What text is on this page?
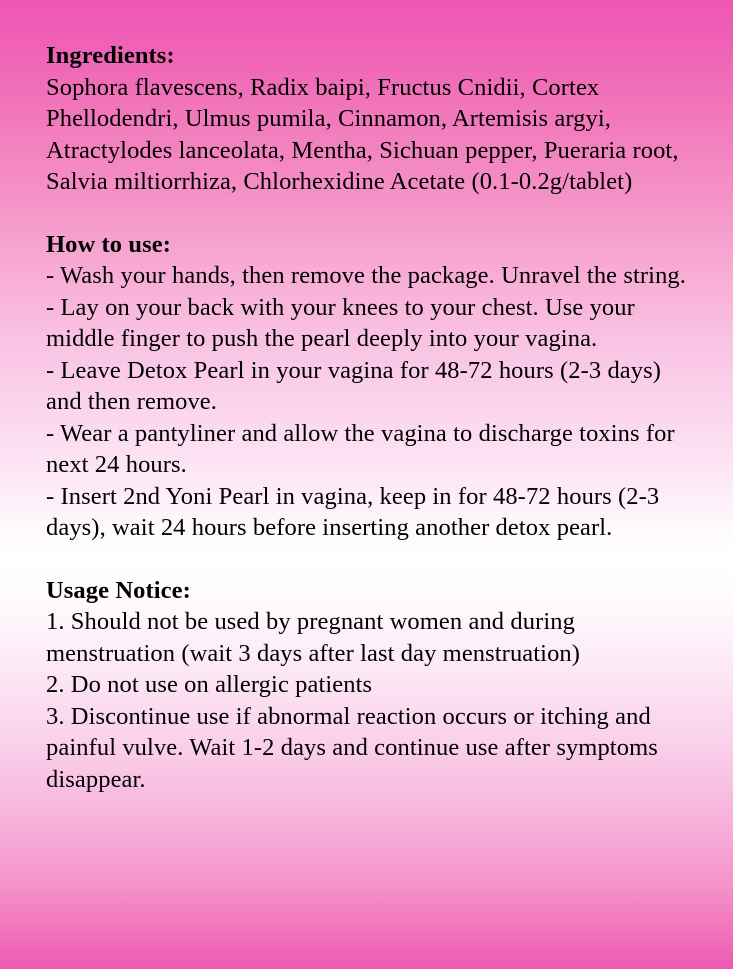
Ingredients:

Sophora flavescens, Radix baipi, Fructus Cnidii, Cortex Phellodendri, Ulmus pumila, Cinnamon, Artemisis argyi, Atractylodes lanceolata, Mentha, Sichuan pepper, Pueraria root, Salvia miltiorrhiza, Chlorhexidine Acetate (0.1-0.2g/tablet)

How to use:
- Wash your hands, then remove the package. Unravel the string.
- Lay on your back with your knees to your chest. Use your middle finger to push the pearl deeply into your vagina.
- Leave Detox Pearl in your vagina for 48-72 hours (2-3 days) and then remove.
- Wear a pantyliner and allow the vagina to discharge toxins for next 24 hours.
- Insert 2nd Yoni Pearl in vagina, keep in for 48-72 hours (2-3 days), wait 24 hours before inserting another detox pearl.
Usage Notice:
1. Should not be used by pregnant women and during menstruation (wait 3 days after last day menstruation)
2. Do not use on allergic patients
3. Discontinue use if abnormal reaction occurs or itching and painful vulve. Wait 1-2 days and continue use after symptoms disappear.
